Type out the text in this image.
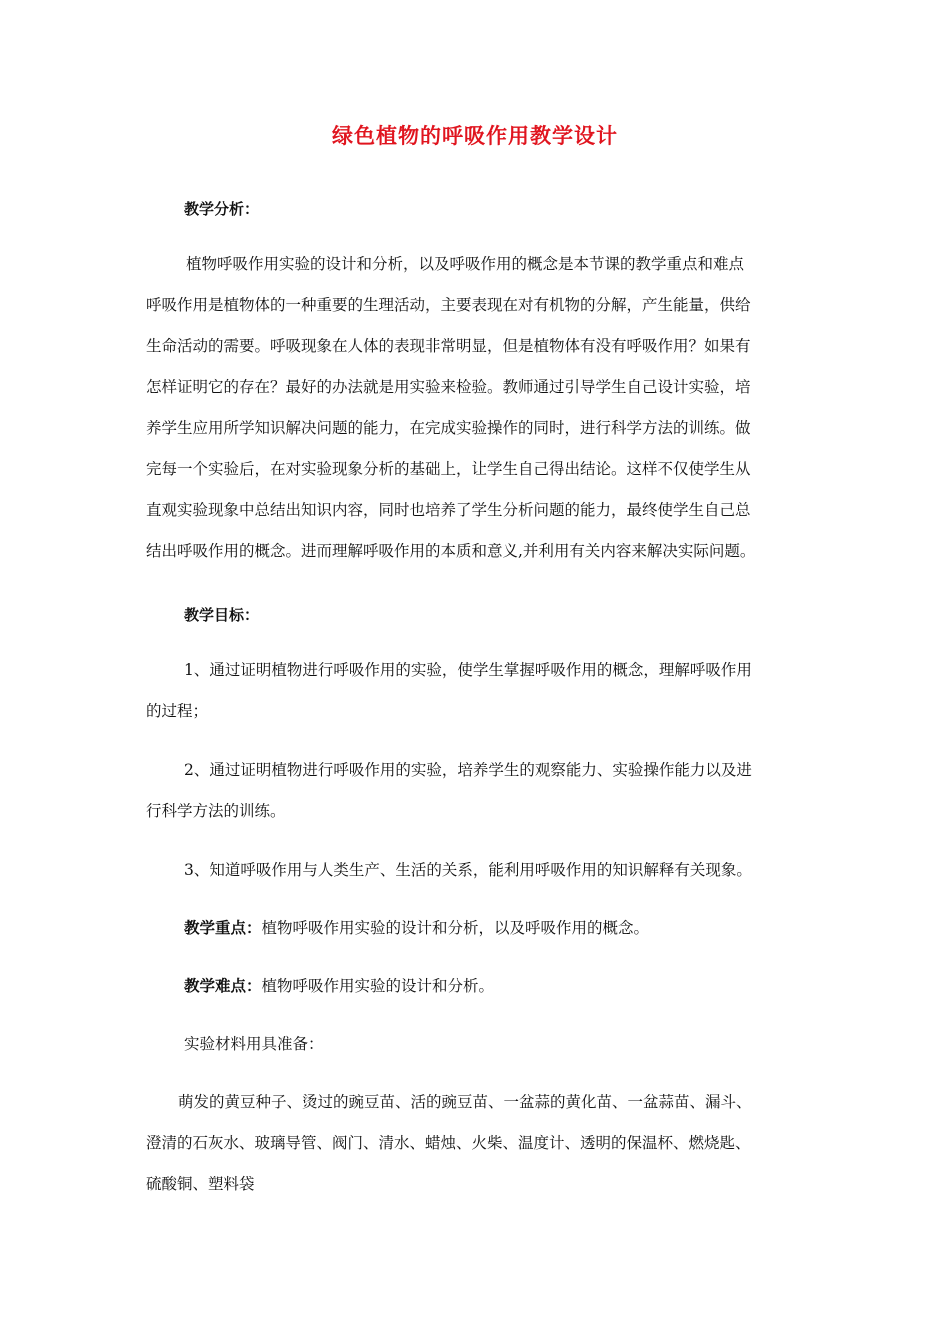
绿色植物的呼吸作用教学设计
教学分析：
植物呼吸作用实验的设计和分析，以及呼吸作用的概念是本节课的教学重点和难点
呼吸作用是植物体的一种重要的生理活动，主要表现在对有机物的分解，产生能量，供给
生命活动的需要。呼吸现象在人体的表现非常明显，但是植物体有没有呼吸作用？如果有
怎样证明它的存在？最好的办法就是用实验来检验。教师通过引导学生自己设计实验，培
养学生应用所学知识解决问题的能力，在完成实验操作的同时，进行科学方法的训练。做
完每一个实验后，在对实验现象分析的基础上，让学生自己得出结论。这样不仅使学生从
直观实验现象中总结出知识内容，同时也培养了学生分析问题的能力，最终使学生自己总
结出呼吸作用的概念。进而理解呼吸作用的本质和意义,并利用有关内容来解决实际问题。
教学目标：
1、通过证明植物进行呼吸作用的实验，使学生掌握呼吸作用的概念，理解呼吸作用
的过程；
2、通过证明植物进行呼吸作用的实验，培养学生的观察能力、实验操作能力以及进
行科学方法的训练。
3、知道呼吸作用与人类生产、生活的关系，能利用呼吸作用的知识解释有关现象。
教学重点：植物呼吸作用实验的设计和分析，以及呼吸作用的概念。
教学难点：植物呼吸作用实验的设计和分析。
实验材料用具准备：
萌发的黄豆种子、烫过的豌豆苗、活的豌豆苗、一盆蒜的黄化苗、一盆蒜苗、漏斗、
澄清的石灰水、玻璃导管、阀门、清水、蜡烛、火柴、温度计、透明的保温杯、燃烧匙、
硫酸铜、塑料袋
